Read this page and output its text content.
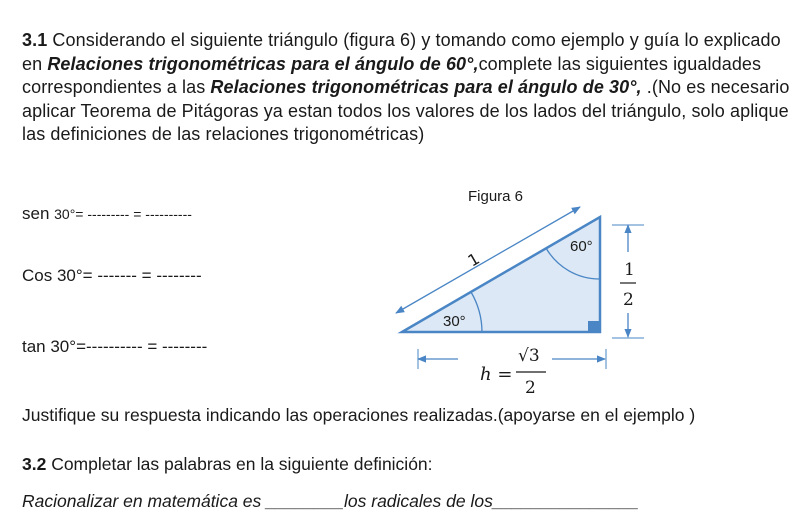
3.1 Considerando el siguiente triángulo (figura 6) y tomando como ejemplo y guía lo explicado en Relaciones trigonométricas para el ángulo de 60°,complete las siguientes igualdades correspondientes a las Relaciones trigonométricas para el ángulo de 30°, .(No es necesario aplicar Teorema de Pitágoras ya estan todos los valores de los lados del triángulo, solo aplique las definiciones de las relaciones trigonométricas)
sen 30°= --------- = ----------
Cos 30°= ------- = --------
tan 30°=---------- = --------
Figura 6
1
60°
30°
1
2
h =
√3
2
Justifique su respuesta indicando las operaciones realizadas.(apoyarse en el ejemplo )
3.2 Completar las palabras en la siguiente definición:
Racionalizar en matemática es ________los radicales de los_______________
